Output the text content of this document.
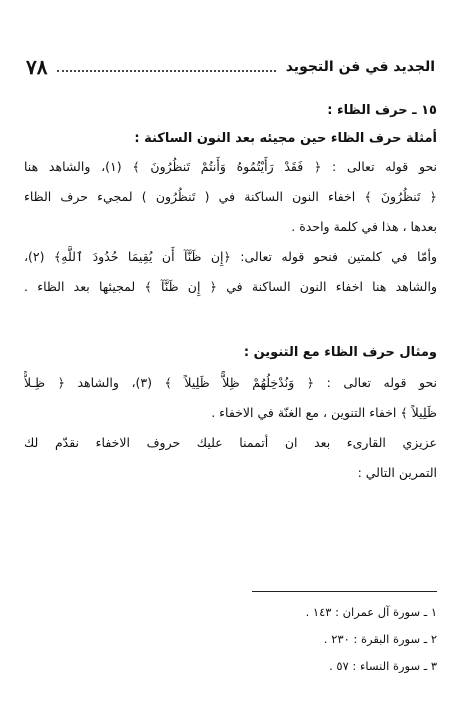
٧٨	الجديد في فن التجويد
١٥ ـ حرف الظاء :
أمثلة حرف الظاء حين مجيئه بعد النون الساكنة :
نحو قوله تعالى : ﴿ فَقَدْ رَأَيْتُمُوهُ وَأَنتُمْ تَنظُرُونَ ﴾ (١)، والشاهد هنا
﴿ تَنظُرُونَ ﴾ اخفاء النون الساكنة في ( تَنظُرُون ) لمجيء حرف الظاء
بعدها ، هذا في كلمة واحدة .
وأمّا في كلمتين فنحو قوله تعالى: ﴿إِن ظَنَّآ أَن يُقِيمَا حُدُودَ ٱللَّهِ﴾ (٢)،
والشاهد هنا اخفاء النون الساكنة في ﴿ إِن ظَنَّآ ﴾ لمجيئها بعد الظاء .
ومثال حرف الظاء مع التنوين :
نحو قوله تعالى : ﴿ وَنُدْخِلُهُمْ ظِلاًّ ظَلِيلاً ﴾ (٣)، والشاهد ﴿ ظِـلاًّ
ظَلِيلاً ﴾ اخفاء التنوين ، مع الغنّة في الاخفاء .
عزيزي القارىء بعد ان أتممنا عليك حروف الاخفاء نقدّم لك
التمرين التالي :
١ ـ سورة آل عمران : ١٤٣ .
٢ ـ سورة البقرة : ٢٣٠ .
٣ ـ سورة النساء : ٥٧ .
